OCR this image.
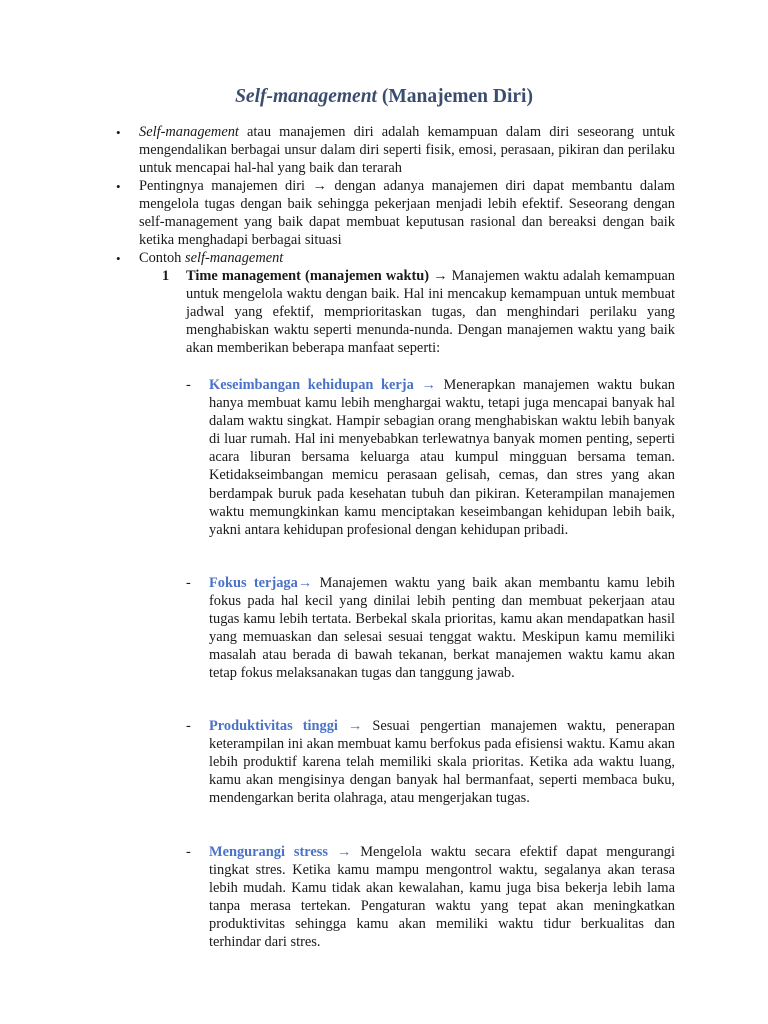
Self-management (Manajemen Diri)
• Self-management atau manajemen diri adalah kemampuan dalam diri seseorang untuk mengendalikan berbagai unsur dalam diri seperti fisik, emosi, perasaan, pikiran dan perilaku untuk mencapai hal-hal yang baik dan terarah
• Pentingnya manajemen diri → dengan adanya manajemen diri dapat membantu dalam mengelola tugas dengan baik sehingga pekerjaan menjadi lebih efektif. Seseorang dengan self-management yang baik dapat membuat keputusan rasional dan bereaksi dengan baik ketika menghadapi berbagai situasi
• Contoh self-management
1 Time management (manajemen waktu) → Manajemen waktu adalah kemampuan untuk mengelola waktu dengan baik. Hal ini mencakup kemampuan untuk membuat jadwal yang efektif, memprioritaskan tugas, dan menghindari perilaku yang menghabiskan waktu seperti menunda-nunda. Dengan manajemen waktu yang baik akan memberikan beberapa manfaat seperti:
- Keseimbangan kehidupan kerja → Menerapkan manajemen waktu bukan hanya membuat kamu lebih menghargai waktu, tetapi juga mencapai banyak hal dalam waktu singkat. Hampir sebagian orang menghabiskan waktu lebih banyak di luar rumah. Hal ini menyebabkan terlewatnya banyak momen penting, seperti acara liburan bersama keluarga atau kumpul mingguan bersama teman. Ketidakseimbangan memicu perasaan gelisah, cemas, dan stres yang akan berdampak buruk pada kesehatan tubuh dan pikiran. Keterampilan manajemen waktu memungkinkan kamu menciptakan keseimbangan kehidupan lebih baik, yakni antara kehidupan profesional dengan kehidupan pribadi.
- Fokus terjaga→ Manajemen waktu yang baik akan membantu kamu lebih fokus pada hal kecil yang dinilai lebih penting dan membuat pekerjaan atau tugas kamu lebih tertata. Berbekal skala prioritas, kamu akan mendapatkan hasil yang memuaskan dan selesai sesuai tenggat waktu. Meskipun kamu memiliki masalah atau berada di bawah tekanan, berkat manajemen waktu kamu akan tetap fokus melaksanakan tugas dan tanggung jawab.
- Produktivitas tinggi → Sesuai pengertian manajemen waktu, penerapan keterampilan ini akan membuat kamu berfokus pada efisiensi waktu. Kamu akan lebih produktif karena telah memiliki skala prioritas. Ketika ada waktu luang, kamu akan mengisinya dengan banyak hal bermanfaat, seperti membaca buku, mendengarkan berita olahraga, atau mengerjakan tugas.
- Mengurangi stress → Mengelola waktu secara efektif dapat mengurangi tingkat stres. Ketika kamu mampu mengontrol waktu, segalanya akan terasa lebih mudah. Kamu tidak akan kewalahan, kamu juga bisa bekerja lebih lama tanpa merasa tertekan. Pengaturan waktu yang tepat akan meningkatkan produktivitas sehingga kamu akan memiliki waktu tidur berkualitas dan terhindar dari stres.
